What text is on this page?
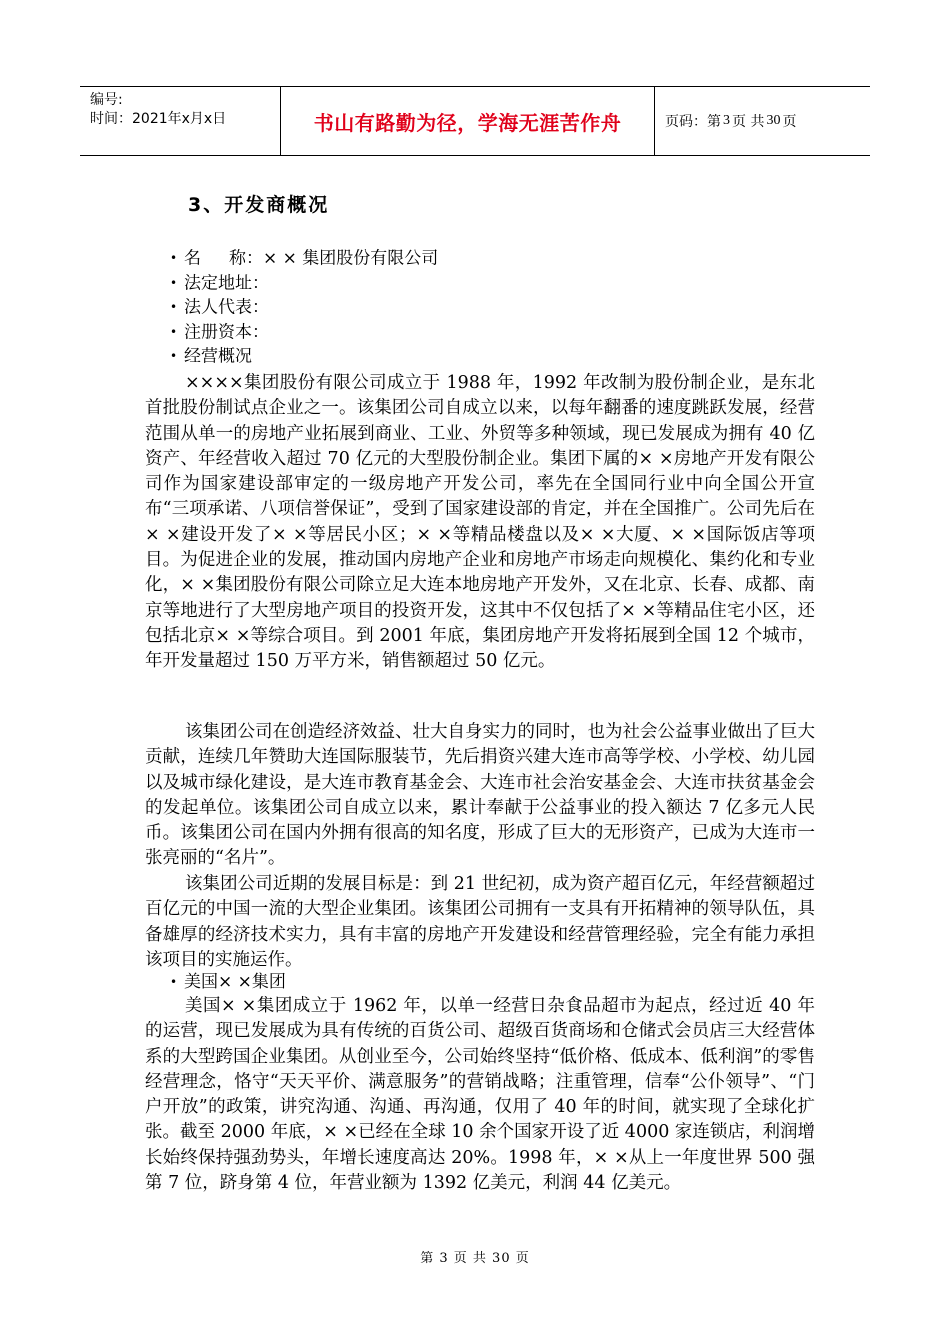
编号:
时间：2021年x月x日	书山有路勤为径，学海无涯苦作舟	页码：第 3 页 共 30 页
3、开发商概况
• 名 称：× × 集团股份有限公司
• 法定地址：
• 法人代表：
• 注册资本：
• 经营概况

××××集团股份有限公司成立于 1988 年，1992 年改制为股份制企业，是东北首批股份制试点企业之一。该集团公司自成立以来，以每年翻番的速度跳跃发展，经营范围从单一的房地产业拓展到商业、工业、外贸等多种领域，现已发展成为拥有 40 亿资产、年经营收入超过 70 亿元的大型股份制企业。集团下属的× ×房地产开发有限公司作为国家建设部审定的一级房地产开发公司，率先在全国同行业中向全国公开宣布“三项承诺、八项信誉保证”，受到了国家建设部的肯定，并在全国推广。公司先后在× ×建设开发了× ×等居民小区；× ×等精品楼盘以及× ×大厦、× ×国际饭店等项目。为促进企业的发展，推动国内房地产企业和房地产市场走向规模化、集约化和专业化，× ×集团股份有限公司除立足大连本地房地产开发外，又在北京、长春、成都、南京等地进行了大型房地产项目的投资开发，这其中不仅包括了× ×等精品住宅小区，还包括北京× ×等综合项目。到 2001 年底，集团房地产开发将拓展到全国 12 个城市，年开发量超过 150 万平方米，销售额超过 50 亿元。

该集团公司在创造经济效益、壮大自身实力的同时，也为社会公益事业做出了巨大贡献，连续几年赞助大连国际服装节，先后捐资兴建大连市高等学校、小学校、幼儿园以及城市绿化建设，是大连市教育基金会、大连市社会治安基金会、大连市扶贫基金会的发起单位。该集团公司自成立以来，累计奉献于公益事业的投入额达 7 亿多元人民币。该集团公司在国内外拥有很高的知名度，形成了巨大的无形资产，已成为大连市一张亮丽的“名片”。

该集团公司近期的发展目标是：到 21 世纪初，成为资产超百亿元，年经营额超过百亿元的中国一流的大型企业集团。该集团公司拥有一支具有开拓精神的领导队伍，具备雄厚的经济技术实力，具有丰富的房地产开发建设和经营管理经验，完全有能力承担该项目的实施运作。

• 美国× ×集团

美国× ×集团成立于 1962 年，以单一经营日杂食品超市为起点，经过近 40 年的运营，现已发展成为具有传统的百货公司、超级百货商场和仓储式会员店三大经营体系的大型跨国企业集团。从创业至今，公司始终坚持“低价格、低成本、低利润”的零售经营理念，恪守“天天平价、满意服务”的营销战略；注重管理，信奉“公仆领导”、“门户开放”的政策，讲究沟通、沟通、再沟通，仅用了 40 年的时间，就实现了全球化扩张。截至 2000 年底，× ×已经在全球 10 余个国家开设了近 4000 家连锁店，利润增长始终保持强劲势头，年增长速度高达 20%。1998 年，× ×从上一年度世界 500 强第 7 位，跻身第 4 位，年营业额为 1392 亿美元，利润 44 亿美元。

第 3 页 共 30 页
